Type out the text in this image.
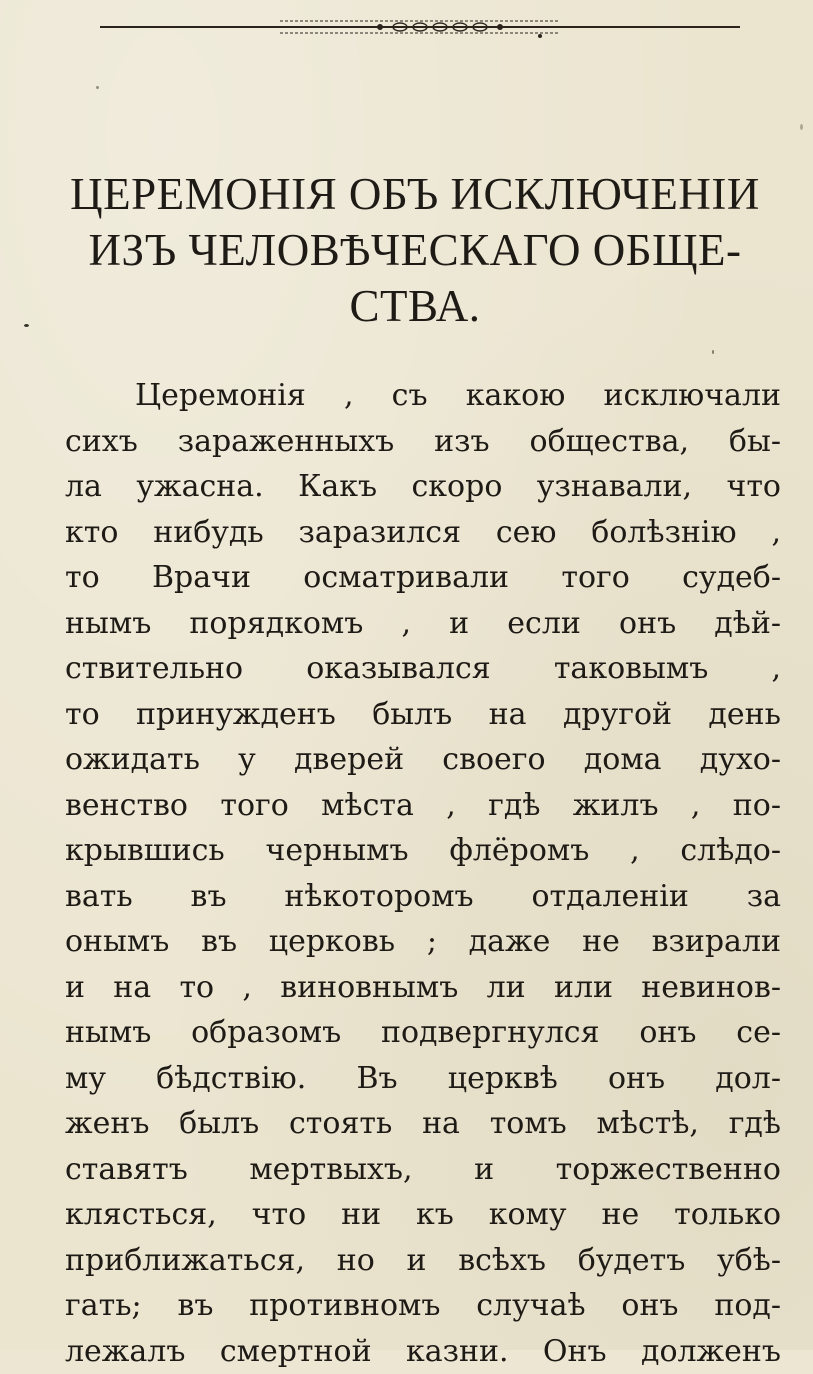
ЦЕРЕМОНІЯ ОБЪ ИСКЛЮЧЕНІИ
ИЗЪ ЧЕЛОВѢЧЕСКАГО ОБЩЕ-
СТВА.
Церемонія , съ какою исключали
сихъ зараженныхъ изъ общества, бы-
ла ужасна. Какъ скоро узнавали, что
кто нибудь заразился сею болѣзнію ,
то Врачи осматривали того судеб-
нымъ порядкомъ , и если онъ дѣй-
ствительно оказывался таковымъ ,
то принужденъ былъ на другой день
ожидать у дверей своего дома духо-
венство того мѣста , гдѣ жилъ , по-
крывшись чернымъ флёромъ , слѣдо-
вать въ нѣкоторомъ отдаленіи за
онымъ въ церковь ; даже не взирали
и на то , виновнымъ ли или невинов-
нымъ образомъ подвергнулся онъ се-
му бѣдствію. Въ церквѣ онъ дол-
женъ былъ стоять на томъ мѣстѣ, гдѣ
ставятъ мертвыхъ, и торжественно
клясться, что ни къ кому не только
приближаться, но и всѣхъ будетъ убѣ-
гать; въ противномъ случаѣ онъ под-
лежалъ смертной казни. Онъ долженъ
